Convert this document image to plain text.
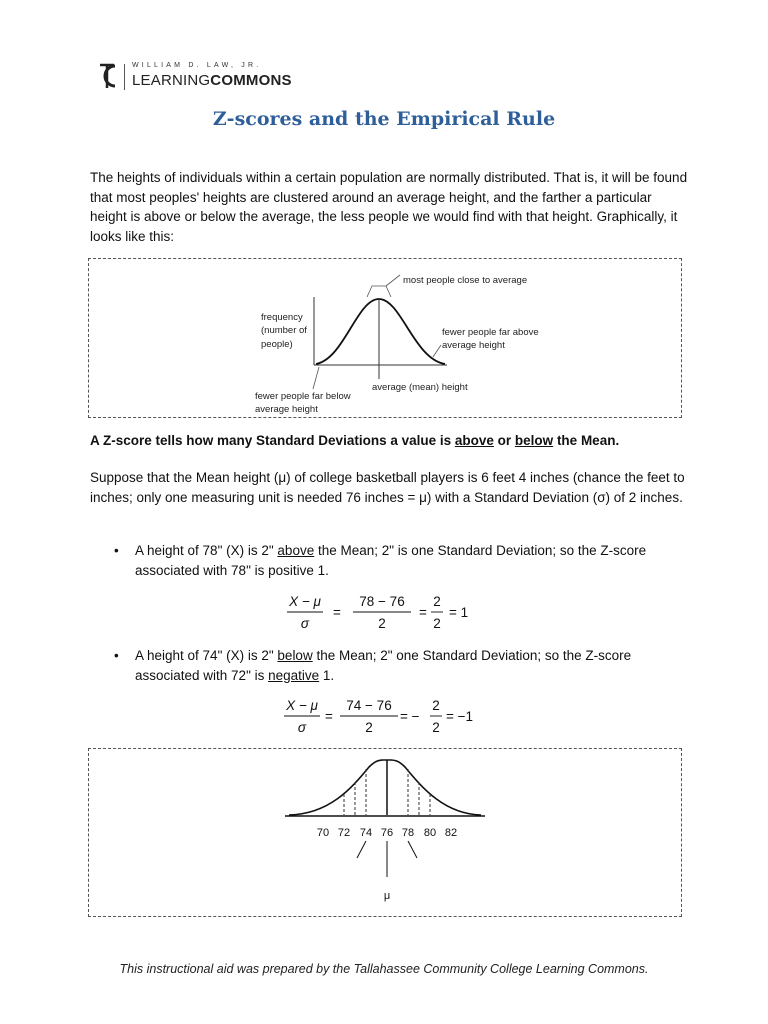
WILLIAM D. LAW, JR.
LEARNINGCOMMONS
Z-scores and the Empirical Rule
The heights of individuals within a certain population are normally distributed. That is, it will be found that most peoples' heights are clustered around an average height, and the farther a particular height is above or below the average, the less people we would find with that height. Graphically, it looks like this:
most people close to average
frequency
(number of
people)
fewer people far above
average height
average (mean) height
fewer people far below
average height
A Z-score tells how many Standard Deviations a value is above or below the Mean.
Suppose that the Mean height (μ) of college basketball players is 6 feet 4 inches (chance the feet to inches; only one measuring unit is needed 76 inches = μ) with a Standard Deviation (σ) of 2 inches.
• A height of 78" (X) is 2" above the Mean; 2" is one Standard Deviation; so the Z-score associated with 78" is positive 1.
X − μ
σ
=
78 − 76
2
=
2
2
= 1
• A height of 74" (X) is 2" below the Mean; 2" one Standard Deviation; so the Z-score associated with 72" is negative 1.
X − μ
σ
=
74 − 76
2
= −
2
2
= −1
70 72 74 76 78 80 82
μ
This instructional aid was prepared by the Tallahassee Community College Learning Commons.
